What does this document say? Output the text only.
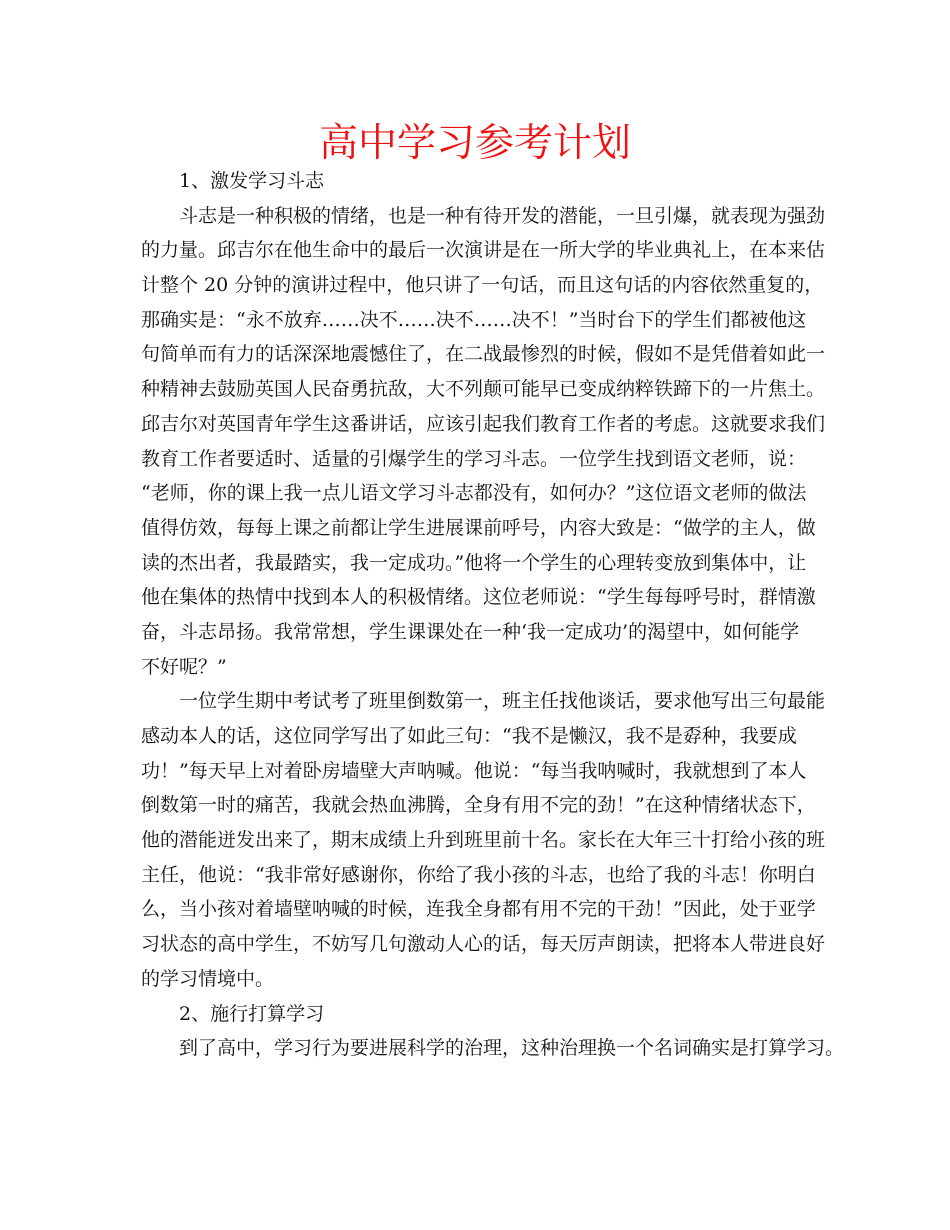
高中学习参考计划
1、激发学习斗志
斗志是一种积极的情绪，也是一种有待开发的潜能，一旦引爆，就表现为强劲
的力量。邱吉尔在他生命中的最后一次演讲是在一所大学的毕业典礼上，在本来估
计整个 20 分钟的演讲过程中，他只讲了一句话，而且这句话的内容依然重复的，
那确实是：“永不放弃……决不……决不……决不！”当时台下的学生们都被他这
句简单而有力的话深深地震憾住了，在二战最惨烈的时候，假如不是凭借着如此一
种精神去鼓励英国人民奋勇抗敌，大不列颠可能早已变成纳粹铁蹄下的一片焦土。
邱吉尔对英国青年学生这番讲话，应该引起我们教育工作者的考虑。这就要求我们
教育工作者要适时、适量的引爆学生的学习斗志。一位学生找到语文老师，说：
“老师，你的课上我一点儿语文学习斗志都没有，如何办？”这位语文老师的做法
值得仿效，每每上课之前都让学生进展课前呼号，内容大致是：“做学的主人，做
读的杰出者，我最踏实，我一定成功。”他将一个学生的心理转变放到集体中，让
他在集体的热情中找到本人的积极情绪。这位老师说：“学生每每呼号时，群情激
奋，斗志昂扬。我常常想，学生课课处在一种‘我一定成功’的渴望中，如何能学
不好呢？”
一位学生期中考试考了班里倒数第一，班主任找他谈话，要求他写出三句最能
感动本人的话，这位同学写出了如此三句：“我不是懒汉，我不是孬种，我要成
功！”每天早上对着卧房墙壁大声呐喊。他说：“每当我呐喊时，我就想到了本人
倒数第一时的痛苦，我就会热血沸腾，全身有用不完的劲！”在这种情绪状态下，
他的潜能迸发出来了，期末成绩上升到班里前十名。家长在大年三十打给小孩的班
主任，他说：“我非常好感谢你，你给了我小孩的斗志，也给了我的斗志！你明白
么，当小孩对着墙壁呐喊的时候，连我全身都有用不完的干劲！”因此，处于亚学
习状态的高中学生，不妨写几句激动人心的话，每天厉声朗读，把将本人带进良好
的学习情境中。
2、施行打算学习
到了高中，学习行为要进展科学的治理，这种治理换一个名词确实是打算学习。
